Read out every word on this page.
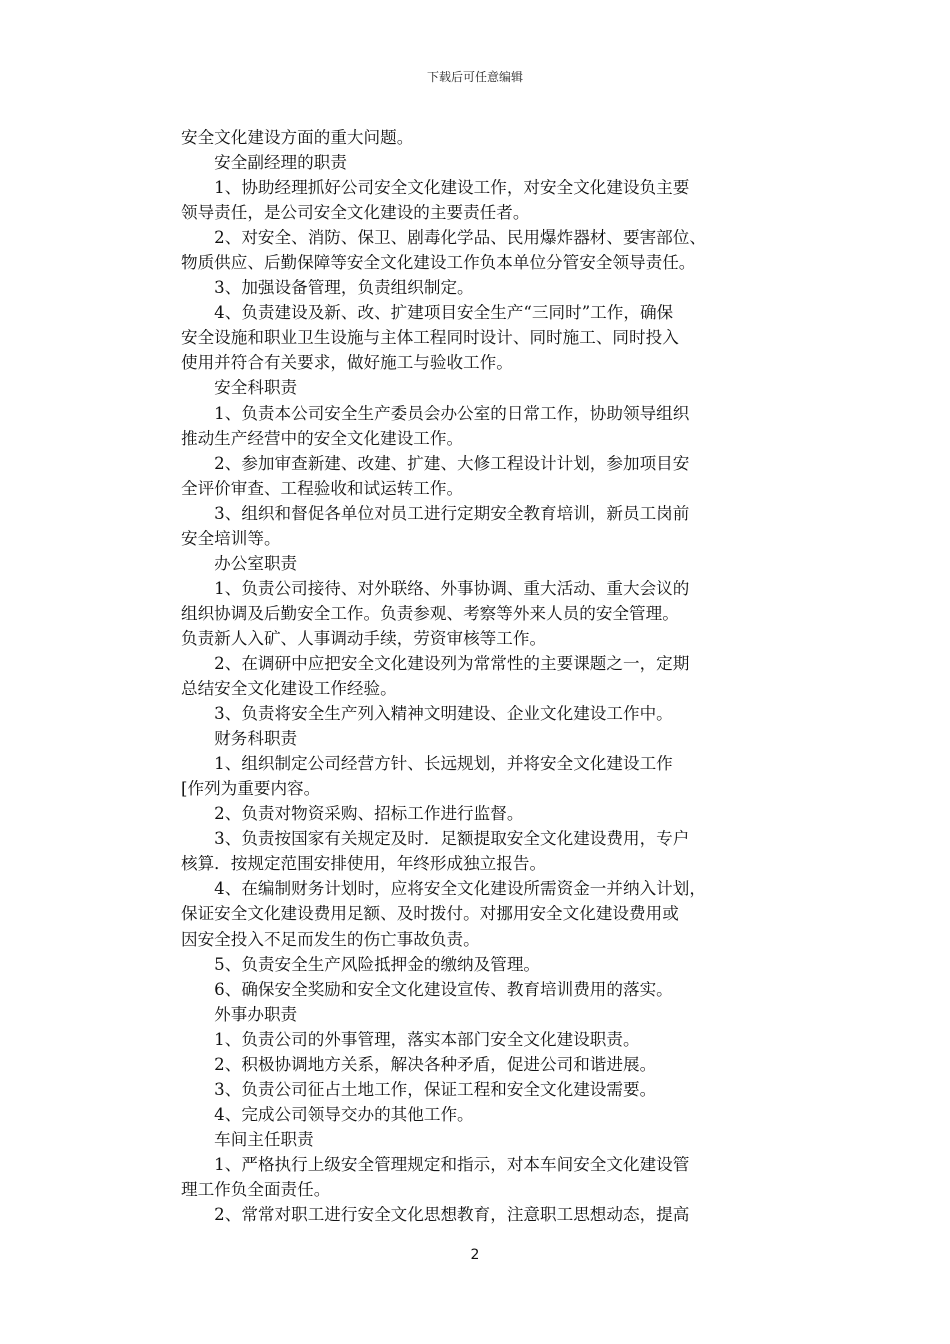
下载后可任意编辑
安全文化建设方面的重大问题。
　　安全副经理的职责
　　1、协助经理抓好公司安全文化建设工作，对安全文化建设负主要
领导责任，是公司安全文化建设的主要责任者。
　　2、对安全、消防、保卫、剧毒化学品、民用爆炸器材、要害部位、
物质供应、后勤保障等安全文化建设工作负本单位分管安全领导责任。
　　3、加强设备管理，负责组织制定。
　　4、负责建设及新、改、扩建项目安全生产“三同时”工作，确保
安全设施和职业卫生设施与主体工程同时设计、同时施工、同时投入
使用并符合有关要求，做好施工与验收工作。
　　安全科职责
　　1、负责本公司安全生产委员会办公室的日常工作，协助领导组织
推动生产经营中的安全文化建设工作。
　　2、参加审查新建、改建、扩建、大修工程设计计划，参加项目安
全评价审查、工程验收和试运转工作。
　　3、组织和督促各单位对员工进行定期安全教育培训，新员工岗前
安全培训等。
　　办公室职责
　　1、负责公司接待、对外联络、外事协调、重大活动、重大会议的
组织协调及后勤安全工作。负责参观、考察等外来人员的安全管理。
负责新人入矿、人事调动手续，劳资审核等工作。
　　2、在调研中应把安全文化建设列为常常性的主要课题之一，定期
总结安全文化建设工作经验。
　　3、负责将安全生产列入精神文明建设、企业文化建设工作中。
　　财务科职责
　　1、组织制定公司经营方针、长远规划，并将安全文化建设工作
[作列为重要内容。
　　2、负责对物资采购、招标工作进行监督。
　　3、负责按国家有关规定及时．足额提取安全文化建设费用，专户
核算．按规定范围安排使用，年终形成独立报告。
　　4、在编制财务计划时，应将安全文化建设所需资金一并纳入计划，
保证安全文化建设费用足额、及时拨付。对挪用安全文化建设费用或
因安全投入不足而发生的伤亡事故负责。
　　5、负责安全生产风险抵押金的缴纳及管理。
　　6、确保安全奖励和安全文化建设宣传、教育培训费用的落实。
　　外事办职责
　　1、负责公司的外事管理，落实本部门安全文化建设职责。
　　2、积极协调地方关系，解决各种矛盾，促进公司和谐进展。
　　3、负责公司征占土地工作，保证工程和安全文化建设需要。
　　4、完成公司领导交办的其他工作。
　　车间主任职责
　　1、严格执行上级安全管理规定和指示，对本车间安全文化建设管
理工作负全面责任。
　　2、常常对职工进行安全文化思想教育，注意职工思想动态，提高
2
